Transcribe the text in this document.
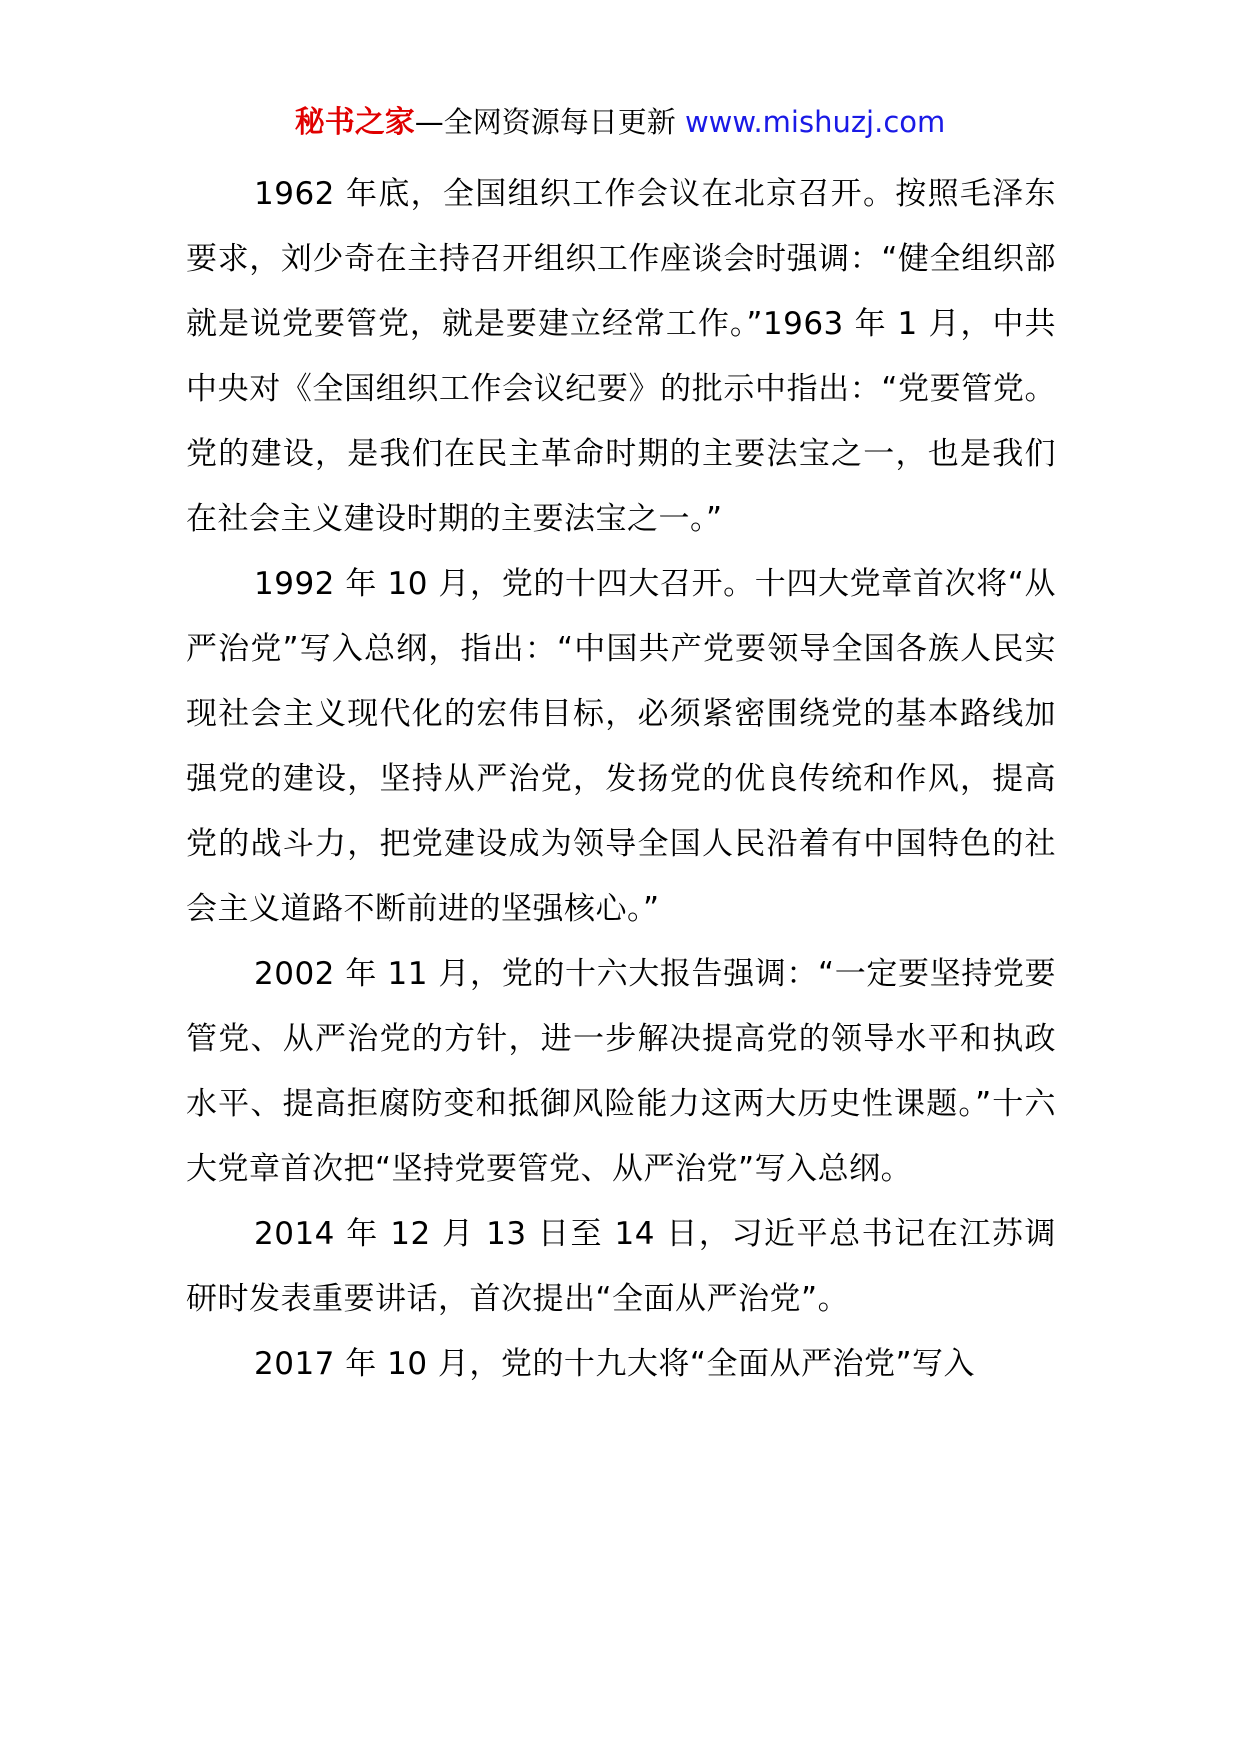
秘书之家—全网资源每日更新 www.mishuzj.com

1962 年底，全国组织工作会议在北京召开。按照毛泽东要求，刘少奇在主持召开组织工作座谈会时强调：“健全组织部就是说党要管党，就是要建立经常工作。”1963 年 1 月，中共中央对《全国组织工作会议纪要》的批示中指出：“党要管党。党的建设，是我们在民主革命时期的主要法宝之一，也是我们在社会主义建设时期的主要法宝之一。”

1992 年 10 月，党的十四大召开。十四大党章首次将“从严治党”写入总纲，指出：“中国共产党要领导全国各族人民实现社会主义现代化的宏伟目标，必须紧密围绕党的基本路线加强党的建设，坚持从严治党，发扬党的优良传统和作风，提高党的战斗力，把党建设成为领导全国人民沿着有中国特色的社会主义道路不断前进的坚强核心。”

2002 年 11 月，党的十六大报告强调：“一定要坚持党要管党、从严治党的方针，进一步解决提高党的领导水平和执政水平、提高拒腐防变和抵御风险能力这两大历史性课题。”十六大党章首次把“坚持党要管党、从严治党”写入总纲。

2014 年 12 月 13 日至 14 日，习近平总书记在江苏调研时发表重要讲话，首次提出“全面从严治党”。

2017 年 10 月，党的十九大将“全面从严治党”写入
